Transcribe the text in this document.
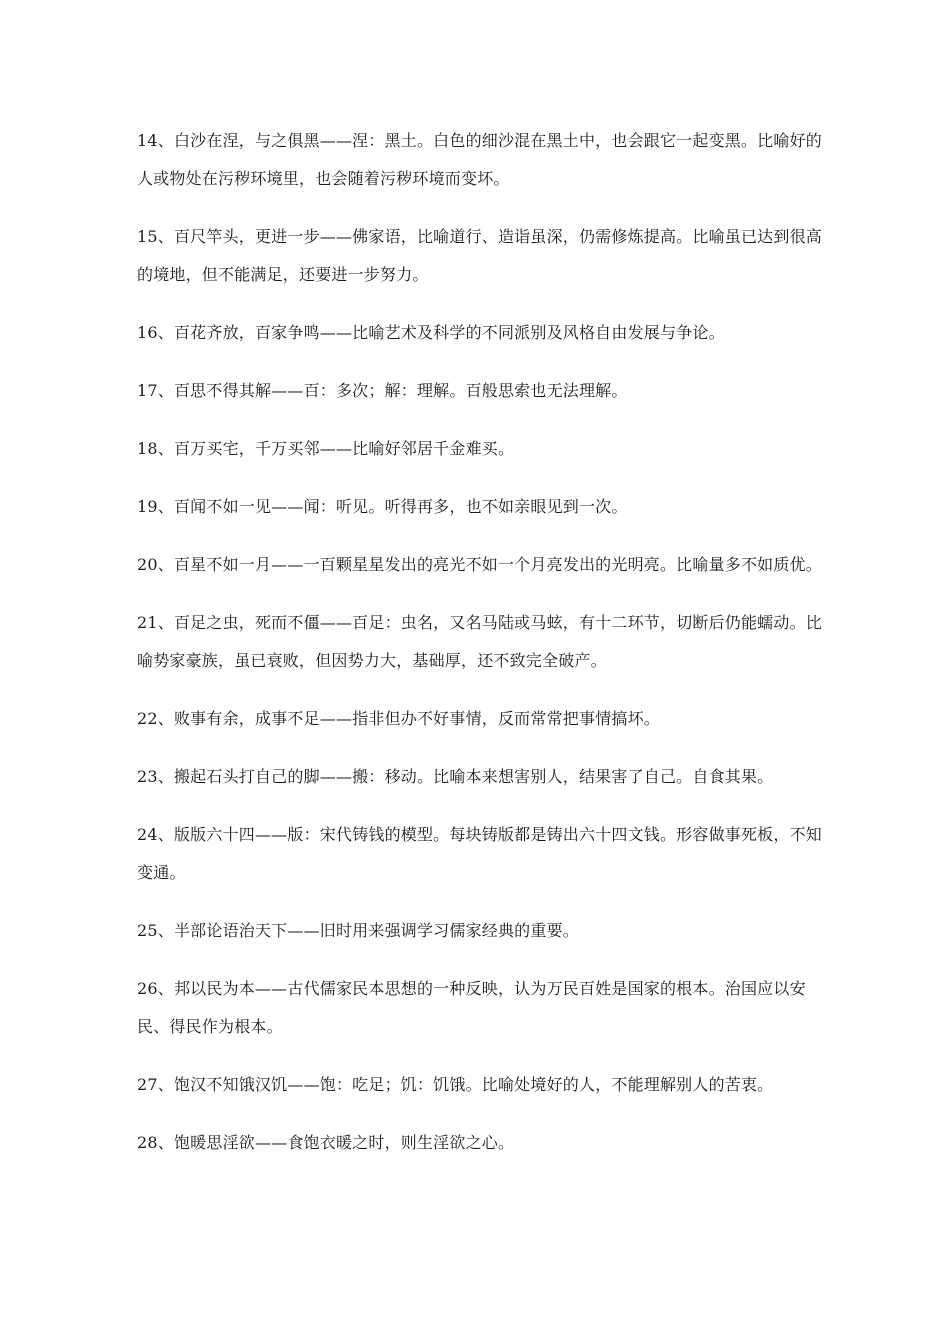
14、白沙在涅，与之俱黑——涅：黑土。白色的细沙混在黑土中，也会跟它一起变黑。比喻好的人或物处在污秽环境里，也会随着污秽环境而变坏。

15、百尺竿头，更进一步——佛家语，比喻道行、造诣虽深，仍需修炼提高。比喻虽已达到很高的境地，但不能满足，还要进一步努力。

16、百花齐放，百家争鸣——比喻艺术及科学的不同派别及风格自由发展与争论。

17、百思不得其解——百：多次；解：理解。百般思索也无法理解。

18、百万买宅，千万买邻——比喻好邻居千金难买。

19、百闻不如一见——闻：听见。听得再多，也不如亲眼见到一次。

20、百星不如一月——一百颗星星发出的亮光不如一个月亮发出的光明亮。比喻量多不如质优。

21、百足之虫，死而不僵——百足：虫名，又名马陆或马蚿，有十二环节，切断后仍能蠕动。比喻势家豪族，虽已衰败，但因势力大，基础厚，还不致完全破产。

22、败事有余，成事不足——指非但办不好事情，反而常常把事情搞坏。

23、搬起石头打自己的脚——搬：移动。比喻本来想害别人，结果害了自己。自食其果。

24、版版六十四——版：宋代铸钱的模型。每块铸版都是铸出六十四文钱。形容做事死板，不知变通。

25、半部论语治天下——旧时用来强调学习儒家经典的重要。

26、邦以民为本——古代儒家民本思想的一种反映，认为万民百姓是国家的根本。治国应以安民、得民作为根本。

27、饱汉不知饿汉饥——饱：吃足；饥：饥饿。比喻处境好的人，不能理解别人的苦衷。

28、饱暖思淫欲——食饱衣暖之时，则生淫欲之心。
